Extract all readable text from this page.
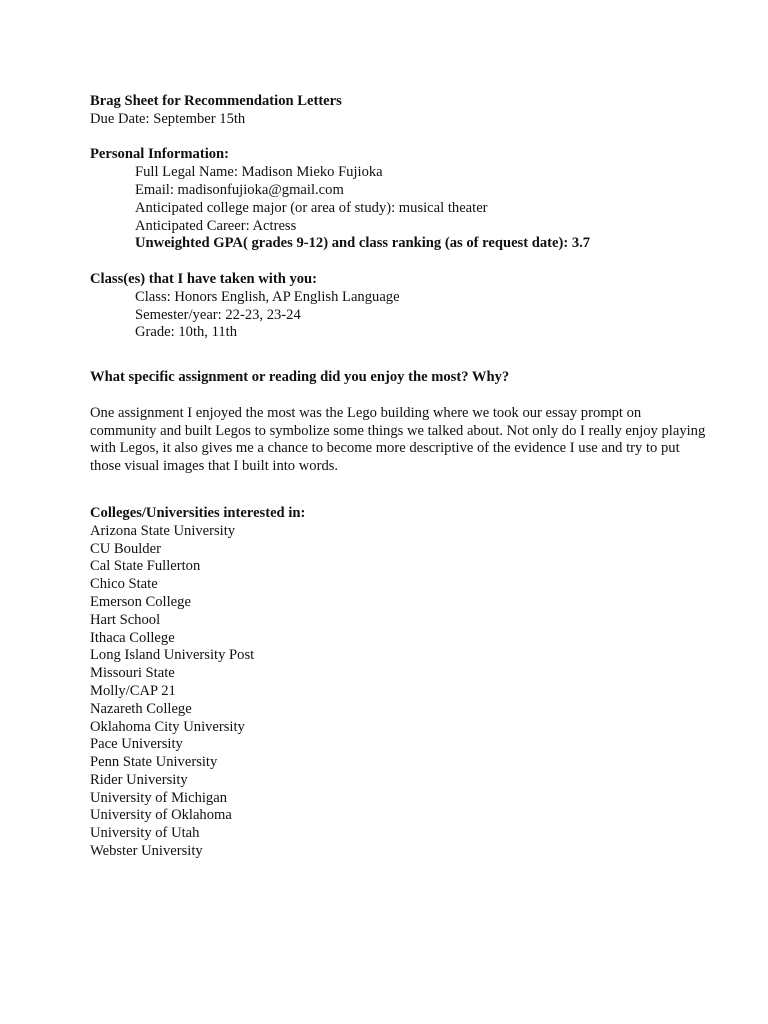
Brag Sheet for Recommendation Letters
Due Date: September 15th
Personal Information:
Full Legal Name: Madison Mieko Fujioka
Email: madisonfujioka@gmail.com
Anticipated college major (or area of study): musical theater
Anticipated Career: Actress
Unweighted GPA( grades 9-12) and class ranking (as of request date): 3.7
Class(es) that I have taken with you:
Class: Honors English, AP English Language
Semester/year: 22-23, 23-24
Grade: 10th, 11th
What specific assignment or reading did you enjoy the most? Why?
One assignment I enjoyed the most was the Lego building where we took our essay prompt on community and built Legos to symbolize some things we talked about. Not only do I really enjoy playing with Legos, it also gives me a chance to become more descriptive of the evidence I use and try to put those visual images that I built into words.
Colleges/Universities interested in:
Arizona State University
CU Boulder
Cal State Fullerton
Chico State
Emerson College
Hart School
Ithaca College
Long Island University Post
Missouri State
Molly/CAP 21
Nazareth College
Oklahoma City University
Pace University
Penn State University
Rider University
University of Michigan
University of Oklahoma
University of Utah
Webster University
